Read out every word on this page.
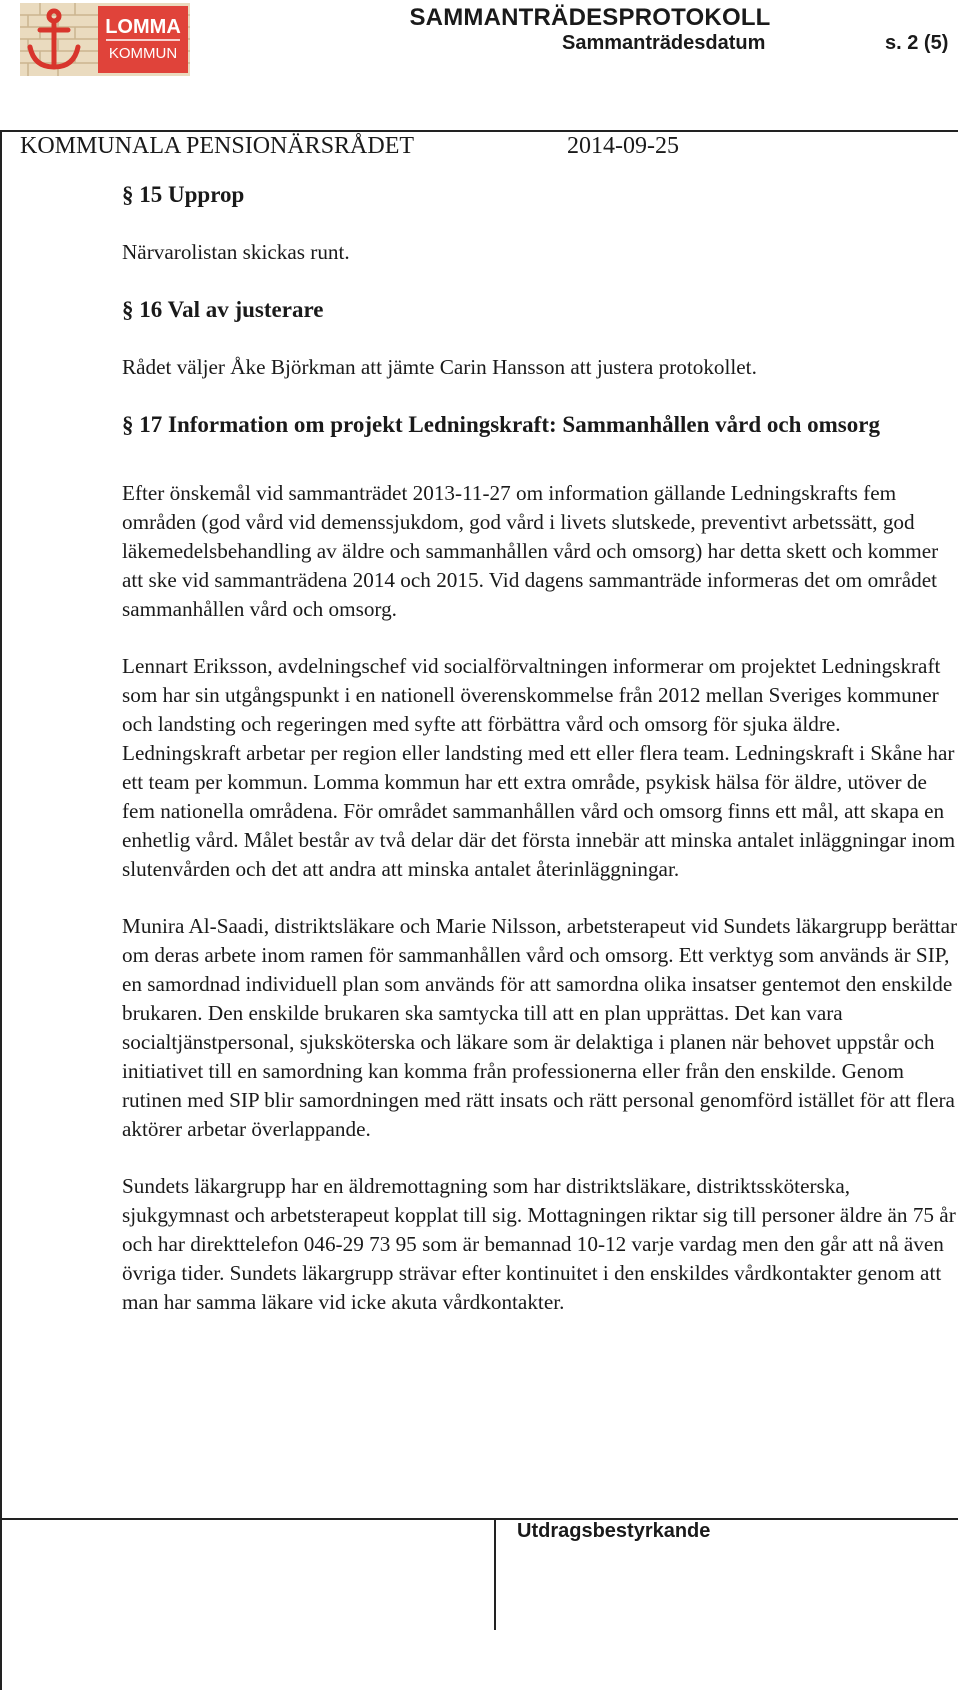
LOMMA
KOMMUN
SAMMANTRÄDESPROTOKOLL
Sammanträdesdatum	s. 2 (5)
KOMMUNALA PENSIONÄRSRÅDET	2014-09-25

§ 15 Upprop

Närvarolistan skickas runt.

§ 16 Val av justerare

Rådet väljer Åke Björkman att jämte Carin Hansson att justera protokollet.

§ 17 Information om projekt Ledningskraft: Sammanhållen vård och omsorg

Efter önskemål vid sammanträdet 2013-11-27 om information gällande Ledningskrafts fem områden (god vård vid demenssjukdom, god vård i livets slutskede, preventivt arbetssätt, god läkemedelsbehandling av äldre och sammanhållen vård och omsorg) har detta skett och kommer att ske vid sammanträdena 2014 och 2015. Vid dagens sammanträde informeras det om området sammanhållen vård och omsorg.

Lennart Eriksson, avdelningschef vid socialförvaltningen informerar om projektet Ledningskraft som har sin utgångspunkt i en nationell överenskommelse från 2012 mellan Sveriges kommuner och landsting och regeringen med syfte att förbättra vård och omsorg för sjuka äldre. Ledningskraft arbetar per region eller landsting med ett eller flera team. Ledningskraft i Skåne har ett team per kommun. Lomma kommun har ett extra område, psykisk hälsa för äldre, utöver de fem nationella områdena. För området sammanhållen vård och omsorg finns ett mål, att skapa en enhetlig vård. Målet består av två delar där det första innebär att minska antalet inläggningar inom slutenvården och det att andra att minska antalet återinläggningar.

Munira Al-Saadi, distriktsläkare och Marie Nilsson, arbetsterapeut vid Sundets läkargrupp berättar om deras arbete inom ramen för sammanhållen vård och omsorg. Ett verktyg som används är SIP, en samordnad individuell plan som används för att samordna olika insatser gentemot den enskilde brukaren. Den enskilde brukaren ska samtycka till att en plan upprättas. Det kan vara socialtjänstpersonal, sjuksköterska och läkare som är delaktiga i planen när behovet uppstår och initiativet till en samordning kan komma från professionerna eller från den enskilde. Genom rutinen med SIP blir samordningen med rätt insats och rätt personal genomförd istället för att flera aktörer arbetar överlappande.

Sundets läkargrupp har en äldremottagning som har distriktsläkare, distriktssköterska, sjukgymnast och arbetsterapeut kopplat till sig. Mottagningen riktar sig till personer äldre än 75 år och har direkttelefon 046-29 73 95 som är bemannad 10-12 varje vardag men den går att nå även övriga tider. Sundets läkargrupp strävar efter kontinuitet i den enskildes vårdkontakter genom att man har samma läkare vid icke akuta vårdkontakter.

Utdragsbestyrkande
